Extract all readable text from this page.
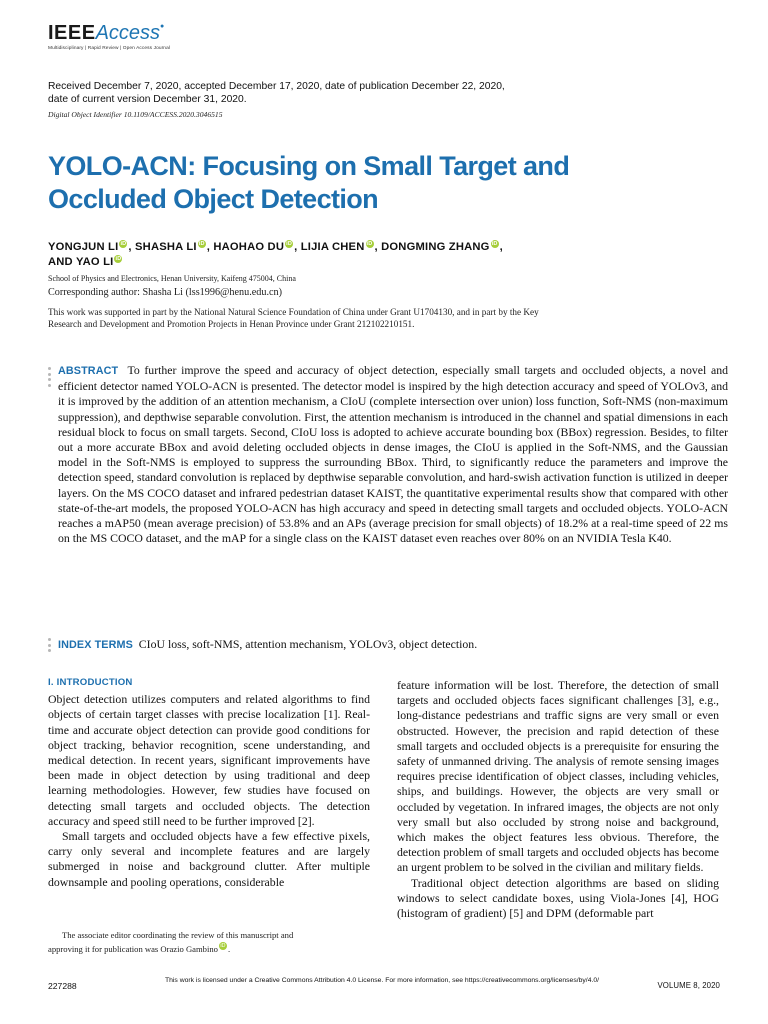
IEEEAccess●
Multidisciplinary | Rapid Review | Open Access Journal
Received December 7, 2020, accepted December 17, 2020, date of publication December 22, 2020,
date of current version December 31, 2020.
Digital Object Identifier 10.1109/ACCESS.2020.3046515
YOLO-ACN: Focusing on Small Target and
Occluded Object Detection
YONGJUN LI iD , SHASHA LI iD , HAOHAO DU iD , LIJIA CHEN iD , DONGMING ZHANG iD ,
AND YAO LI iD
School of Physics and Electronics, Henan University, Kaifeng 475004, China
Corresponding author: Shasha Li (lss1996@henu.edu.cn)
This work was supported in part by the National Natural Science Foundation of China under Grant U1704130, and in part by the Key
Research and Development and Promotion Projects in Henan Province under Grant 212102210151.
ABSTRACT To further improve the speed and accuracy of object detection, especially small targets and occluded objects, a novel and efficient detector named YOLO-ACN is presented. The detector model is inspired by the high detection accuracy and speed of YOLOv3, and it is improved by the addition of an attention mechanism, a CIoU (complete intersection over union) loss function, Soft-NMS (non-maximum suppression), and depthwise separable convolution. First, the attention mechanism is introduced in the channel and spatial dimensions in each residual block to focus on small targets. Second, CIoU loss is adopted to achieve accurate bounding box (BBox) regression. Besides, to filter out a more accurate BBox and avoid deleting occluded objects in dense images, the CIoU is applied in the Soft-NMS, and the Gaussian model in the Soft-NMS is employed to suppress the surrounding BBox. Third, to significantly reduce the parameters and improve the detection speed, standard convolution is replaced by depthwise separable convolution, and hard-swish activation function is utilized in deeper layers. On the MS COCO dataset and infrared pedestrian dataset KAIST, the quantitative experimental results show that compared with other state-of-the-art models, the proposed YOLO-ACN has high accuracy and speed in detecting small targets and occluded objects. YOLO-ACN reaches a mAP50 (mean average precision) of 53.8% and an APs (average precision for small objects) of 18.2% at a real-time speed of 22 ms on the MS COCO dataset, and the mAP for a single class on the KAIST dataset even reaches over 80% on an NVIDIA Tesla K40.
INDEX TERMS CIoU loss, soft-NMS, attention mechanism, YOLOv3, object detection.
I. INTRODUCTION

Object detection utilizes computers and related algorithms to find objects of certain target classes with precise localization [1]. Real-time and accurate object detection can provide good conditions for object tracking, behavior recognition, scene understanding, and medical detection. In recent years, significant improvements have been made in object detection by using traditional and deep learning methodologies. However, few studies have focused on detecting small targets and occluded objects. The detection accuracy and speed still need to be further improved [2].

Small targets and occluded objects have a few effective pixels, carry only several and incomplete features and are largely submerged in noise and background clutter. After multiple downsample and pooling operations, considerable

feature information will be lost. Therefore, the detection of small targets and occluded objects faces significant challenges [3], e.g., long-distance pedestrians and traffic signs are very small or even obstructed. However, the precision and rapid detection of these small targets and occluded objects is a prerequisite for ensuring the safety of unmanned driving. The analysis of remote sensing images requires precise identification of object classes, including vehicles, ships, and buildings. However, the objects are very small or occluded by vegetation. In infrared images, the objects are not only very small but also occluded by strong noise and background, which makes the object features less obvious. Therefore, the detection problem of small targets and occluded objects has become an urgent problem to be solved in the civilian and military fields.

Traditional object detection algorithms are based on sliding windows to select candidate boxes, using Viola-Jones [4], HOG (histogram of gradient) [5] and DPM (deformable part

The associate editor coordinating the review of this manuscript and

approving it for publication was Orazio Gambino iD .
227288
This work is licensed under a Creative Commons Attribution 4.0 License. For more information, see https://creativecommons.org/licenses/by/4.0/
VOLUME 8, 2020
